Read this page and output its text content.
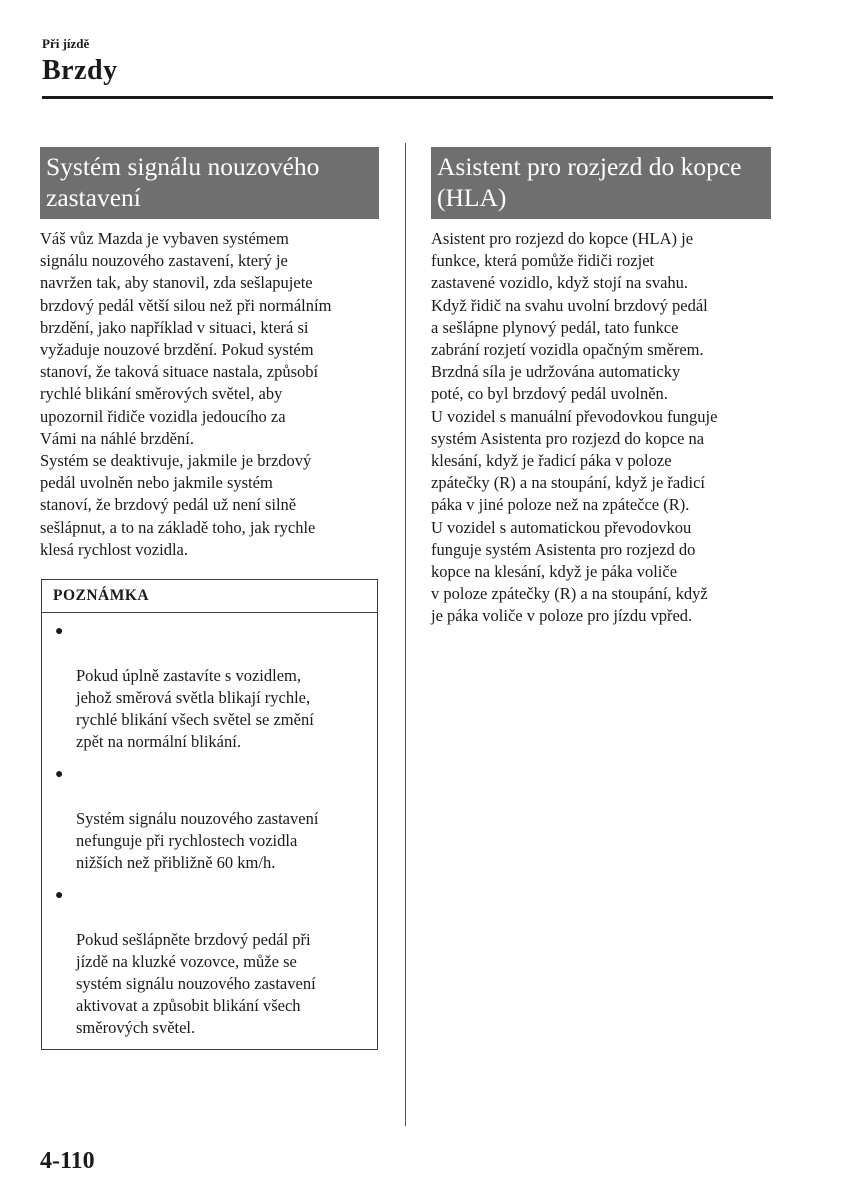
Při jízdě
Brzdy
Systém signálu nouzového zastavení

Váš vůz Mazda je vybaven systémem
signálu nouzového zastavení, který je
navržen tak, aby stanovil, zda sešlapujete
brzdový pedál větší silou než při normálním
brzdění, jako například v situaci, která si
vyžaduje nouzové brzdění. Pokud systém
stanoví, že taková situace nastala, způsobí
rychlé blikání směrových světel, aby
upozornil řidiče vozidla jedoucího za
Vámi na náhlé brzdění.
Systém se deaktivuje, jakmile je brzdový
pedál uvolněn nebo jakmile systém
stanoví, že brzdový pedál už není silně
sešlápnut, a to na základě toho, jak rychle
klesá rychlost vozidla.

POZNÁMKA

●

Pokud úplně zastavíte s vozidlem,
jehož směrová světla blikají rychle,
rychlé blikání všech světel se změní
zpět na normální blikání.

●

Systém signálu nouzového zastavení
nefunguje při rychlostech vozidla
nižších než přibližně 60 km/h.

●

Pokud sešlápněte brzdový pedál při
jízdě na kluzké vozovce, může se
systém signálu nouzového zastavení
aktivovat a způsobit blikání všech
směrových světel.

Asistent pro rozjezd do kopce (HLA)

Asistent pro rozjezd do kopce (HLA) je
funkce, která pomůže řidiči rozjet
zastavené vozidlo, když stojí na svahu.
Když řidič na svahu uvolní brzdový pedál
a sešlápne plynový pedál, tato funkce
zabrání rozjetí vozidla opačným směrem.
Brzdná síla je udržována automaticky
poté, co byl brzdový pedál uvolněn.
U vozidel s manuální převodovkou funguje
systém Asistenta pro rozjezd do kopce na
klesání, když je řadicí páka v poloze
zpátečky (R) a na stoupání, když je řadicí
páka v jiné poloze než na zpátečce (R).
U vozidel s automatickou převodovkou
funguje systém Asistenta pro rozjezd do
kopce na klesání, když je páka voliče
v poloze zpátečky (R) a na stoupání, když
je páka voliče v poloze pro jízdu vpřed.

4-110
